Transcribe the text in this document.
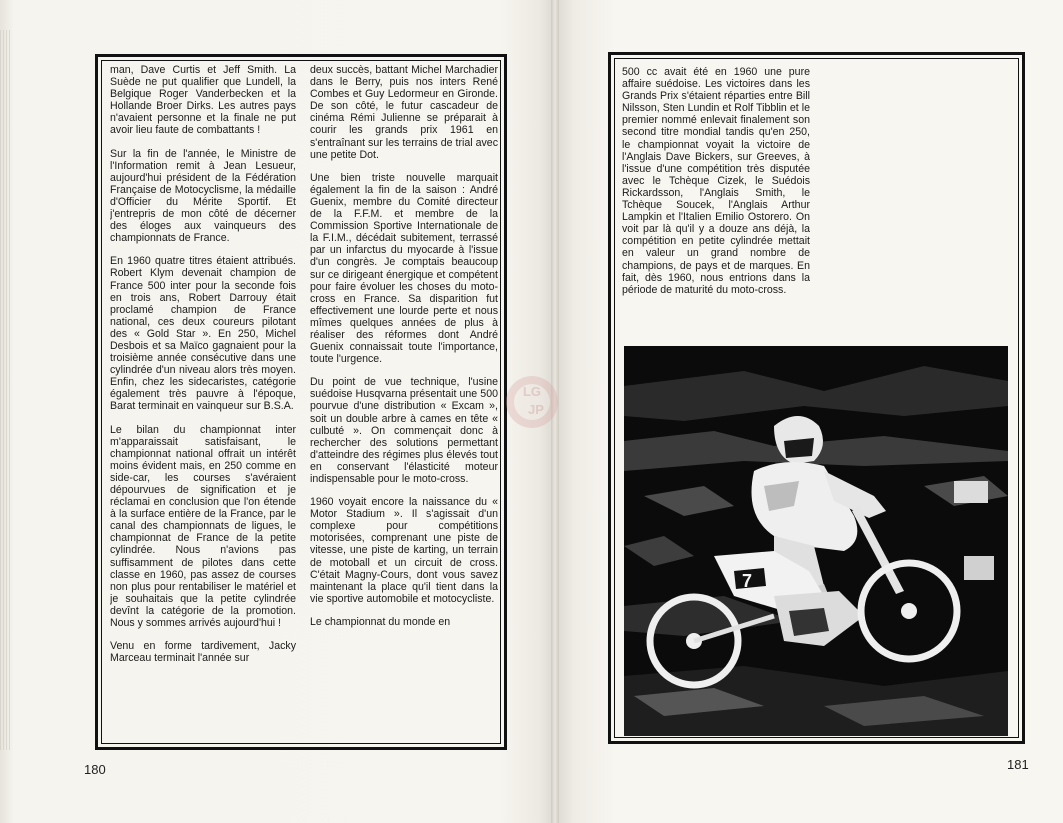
man, Dave Curtis et Jeff Smith. La Suède ne put qualifier que Lundell, la Belgique Roger Vanderbecken et la Hollande Broer Dirks. Les autres pays n'avaient personne et la finale ne put avoir lieu faute de combattants !

Sur la fin de l'année, le Ministre de l'Information remit à Jean Lesueur, aujourd'hui président de la Fédération Française de Motocyclisme, la médaille d'Officier du Mérite Sportif. Et j'entrepris de mon côté de décerner des éloges aux vainqueurs des championnats de France.

En 1960 quatre titres étaient attribués. Robert Klym devenait champion de France 500 inter pour la seconde fois en trois ans, Robert Darrouy était proclamé champion de France national, ces deux coureurs pilotant des « Gold Star ». En 250, Michel Desbois et sa Maïco gagnaient pour la troisième année consécutive dans une cylindrée d'un niveau alors très moyen. Enfin, chez les sidecaristes, catégorie également très pauvre à l'époque, Barat terminait en vainqueur sur B.S.A.

Le bilan du championnat inter m'apparaissait satisfaisant, le championnat national offrait un intérêt moins évident mais, en 250 comme en side-car, les courses s'avéraient dépourvues de signification et je réclamai en conclusion que l'on étende à la surface entière de la France, par le canal des championnats de ligues, le championnat de France de la petite cylindrée. Nous n'avions pas suffisamment de pilotes dans cette classe en 1960, pas assez de courses non plus pour rentabiliser le matériel et je souhaitais que la petite cylindrée devînt la catégorie de la promotion. Nous y sommes arrivés aujourd'hui !

Venu en forme tardivement, Jacky Marceau terminait l'année sur

deux succès, battant Michel Marchadier dans le Berry, puis nos inters René Combes et Guy Ledormeur en Gironde. De son côté, le futur cascadeur de cinéma Rémi Julienne se préparait à courir les grands prix 1961 en s'entraînant sur les terrains de trial avec une petite Dot.

Une bien triste nouvelle marquait également la fin de la saison : André Guenix, membre du Comité directeur de la F.F.M. et membre de la Commission Sportive Internationale de la F.I.M., décédait subitement, terrassé par un infarctus du myocarde à l'issue d'un congrès. Je comptais beaucoup sur ce dirigeant énergique et compétent pour faire évoluer les choses du moto-cross en France. Sa disparition fut effectivement une lourde perte et nous mîmes quelques années de plus à réaliser des réformes dont André Guenix connaissait toute l'importance, toute l'urgence.

Du point de vue technique, l'usine suédoise Husqvarna présentait une 500 pourvue d'une distribution « Excam », soit un double arbre à cames en tête « culbuté ». On commençait donc à rechercher des solutions permettant d'atteindre des régimes plus élevés tout en conservant l'élasticité moteur indispensable pour le moto-cross.

1960 voyait encore la naissance du « Motor Stadium ». Il s'agissait d'un complexe pour compétitions motorisées, comprenant une piste de vitesse, une piste de karting, un terrain de motoball et un circuit de cross. C'était Magny-Cours, dont vous savez maintenant la place qu'il tient dans la vie sportive automobile et motocycliste.

Le championnat du monde en

500 cc avait été en 1960 une pure affaire suédoise. Les victoires dans les Grands Prix s'étaient réparties entre Bill Nilsson, Sten Lundin et Rolf Tibblin et le premier nommé enlevait finalement son second titre mondial tandis qu'en 250, le championnat voyait la victoire de l'Anglais Dave Bickers, sur Greeves, à l'issue d'une compétition très disputée avec le Tchèque Cizek, le Suédois Rickardsson, l'Anglais Smith, le Tchèque Soucek, l'Anglais Arthur Lampkin et l'Italien Emilio Ostorero. On voit par là qu'il y a douze ans déjà, la compétition en petite cylindrée mettait en valeur un grand nombre de champions, de pays et de marques. En fait, dès 1960, nous entrions dans la période de maturité du moto-cross.

7
LG
JP
180	181
